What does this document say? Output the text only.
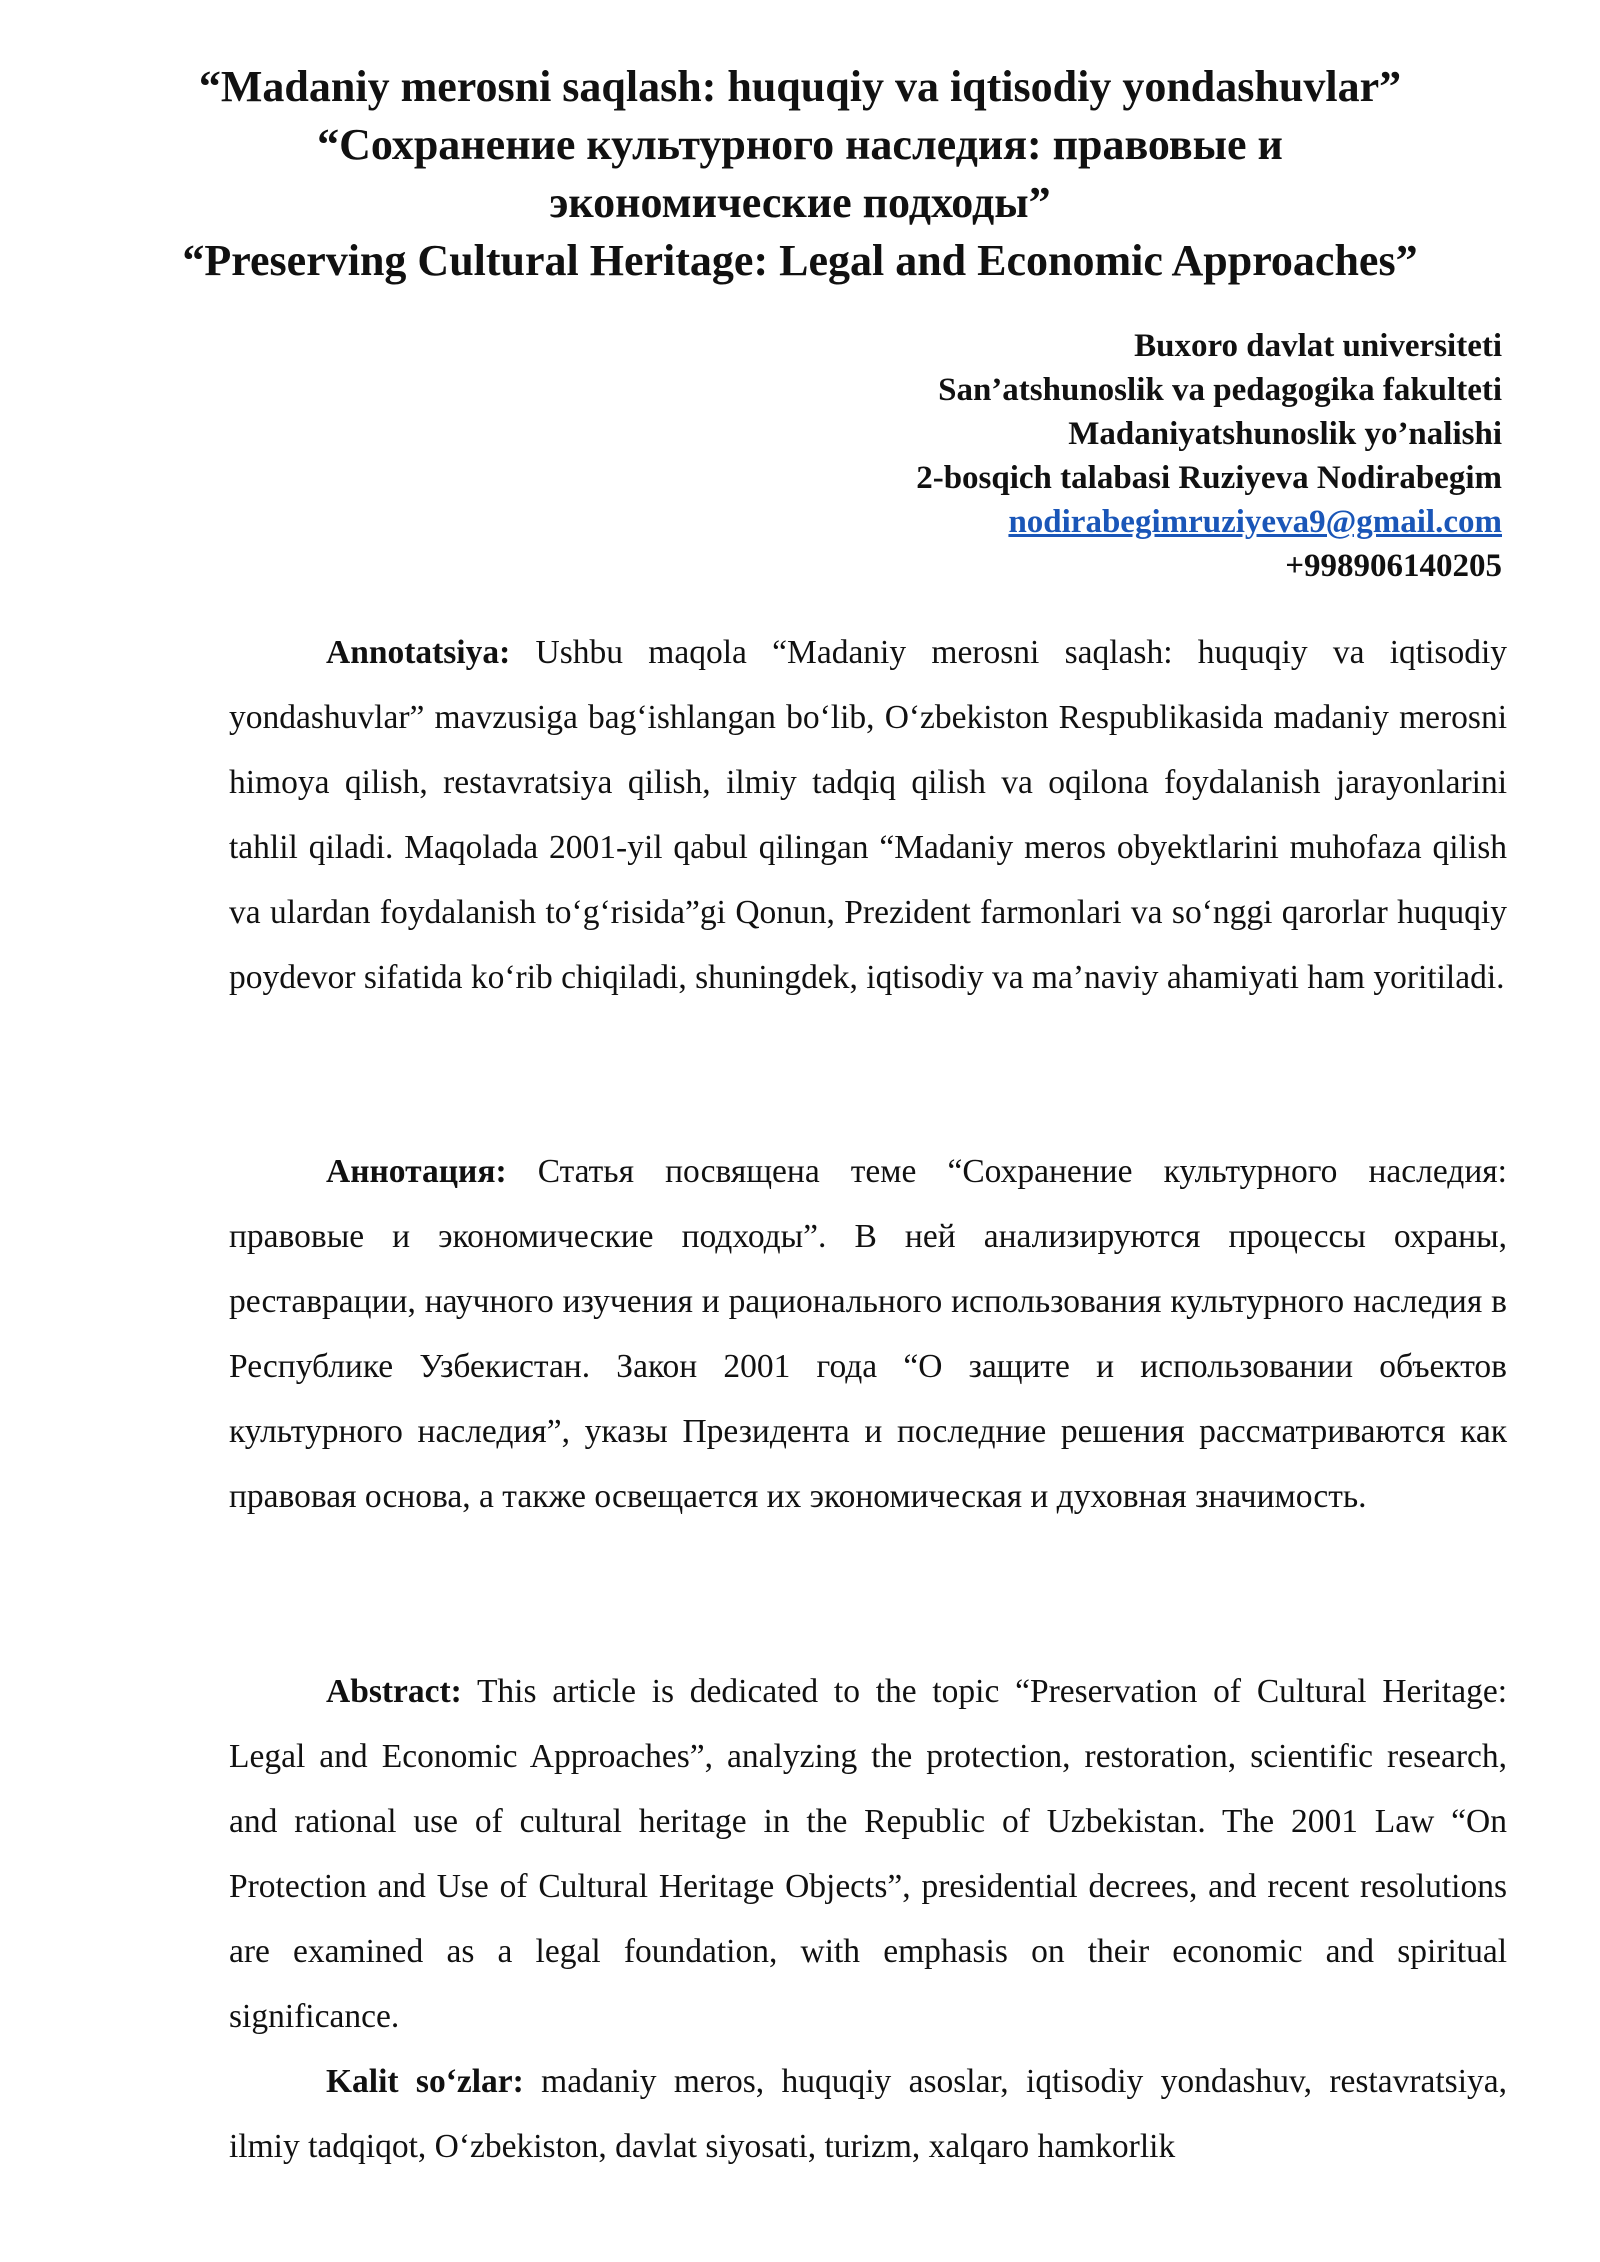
“Madaniy merosni saqlash: huquqiy va iqtisodiy yondashuvlar”
“Сохранение культурного наследия: правовые и
экономические подходы”
“Preserving Cultural Heritage: Legal and Economic Approaches”
Buxoro davlat universiteti
San’atshunoslik va pedagogika fakulteti
Madaniyatshunoslik yo’nalishi
2-bosqich talabasi Ruziyeva Nodirabegim
nodirabegimruziyeva9@gmail.com
+998906140205

Annotatsiya: Ushbu maqola “Madaniy merosni saqlash: huquqiy va iqtisodiy yondashuvlar” mavzusiga bag‘ishlangan bo‘lib, O‘zbekiston Respublikasida madaniy merosni himoya qilish, restavratsiya qilish, ilmiy tadqiq qilish va oqilona foydalanish jarayonlarini tahlil qiladi. Maqolada 2001-yil qabul qilingan “Madaniy meros obyektlarini muhofaza qilish va ulardan foydalanish to‘g‘risida”gi Qonun, Prezident farmonlari va so‘nggi qarorlar huquqiy poydevor sifatida ko‘rib chiqiladi, shuningdek, iqtisodiy va ma’naviy ahamiyati ham yoritiladi.

Аннотация: Статья посвящена теме “Сохранение культурного наследия: правовые и экономические подходы”. В ней анализируются процессы охраны, реставрации, научного изучения и рационального использования культурного наследия в Республике Узбекистан. Закон 2001 года “О защите и использовании объектов культурного наследия”, указы Президента и последние решения рассматриваются как правовая основа, а также освещается их экономическая и духовная значимость.

Abstract: This article is dedicated to the topic “Preservation of Cultural Heritage: Legal and Economic Approaches”, analyzing the protection, restoration, scientific research, and rational use of cultural heritage in the Republic of Uzbekistan. The 2001 Law “On Protection and Use of Cultural Heritage Objects”, presidential decrees, and recent resolutions are examined as a legal foundation, with emphasis on their economic and spiritual significance.

Kalit so‘zlar: madaniy meros, huquqiy asoslar, iqtisodiy yondashuv, restavratsiya, ilmiy tadqiqot, O‘zbekiston, davlat siyosati, turizm, xalqaro hamkorlik
